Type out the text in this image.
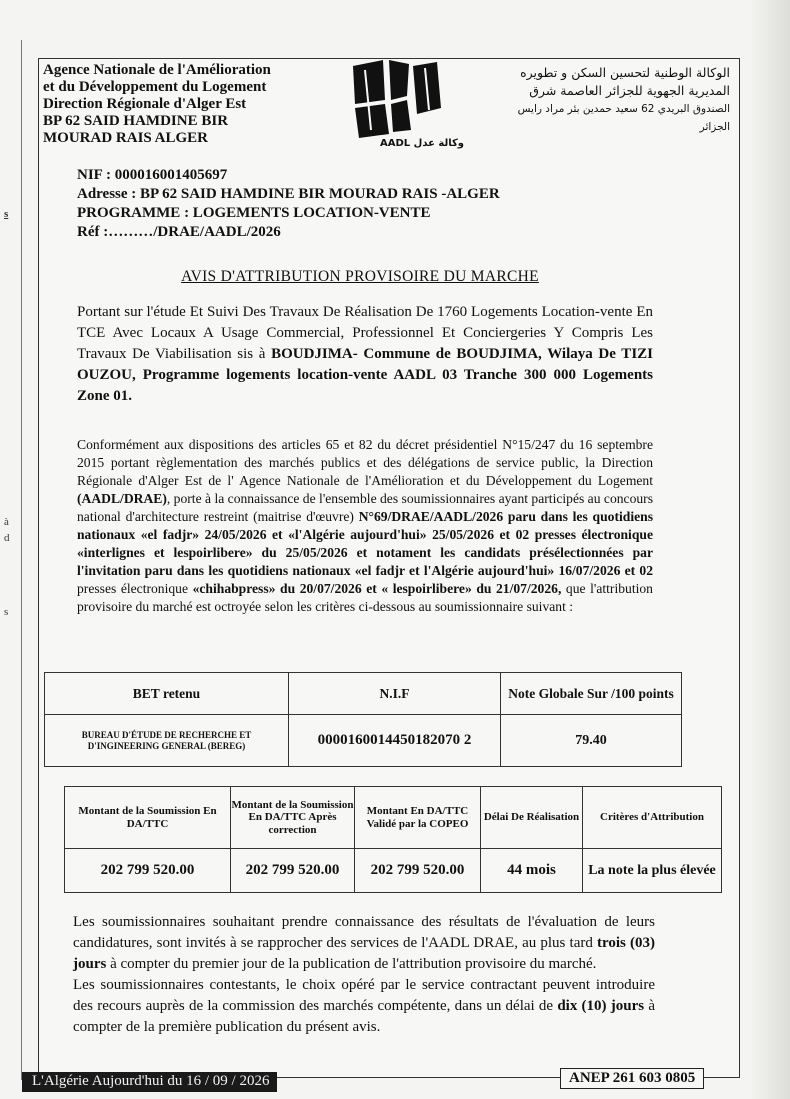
s
à
d
s
Agence Nationale de l'Amélioration
et du Développement du Logement
Direction Régionale d'Alger Est
BP 62 SAID HAMDINE BIR
MOURAD RAIS ALGER	AADL وكالة عدل
الوكالة الوطنية لتحسين السكن و تطويره
المديرية الجهوية للجزائر العاصمة شرق
الصندوق البريدي 62 سعيد حمدين بئر مراد رايس
الجزائر
NIF : 000016001405697
Adresse : BP 62 SAID HAMDINE BIR MOURAD RAIS -ALGER
PROGRAMME : LOGEMENTS LOCATION-VENTE
Réf :………/DRAE/AADL/2026
AVIS D'ATTRIBUTION PROVISOIRE DU MARCHE
Portant sur l'étude Et Suivi Des Travaux De Réalisation De 1760 Logements Location-vente En TCE Avec Locaux A Usage Commercial, Professionnel Et Conciergeries Y Compris Les Travaux De Viabilisation sis à BOUDJIMA- Commune de BOUDJIMA, Wilaya De TIZI OUZOU, Programme logements location-vente AADL 03 Tranche 300 000 Logements Zone 01.
Conformément aux dispositions des articles 65 et 82 du décret présidentiel N°15/247 du 16 septembre 2015 portant règlementation des marchés publics et des délégations de service public, la Direction Régionale d'Alger Est de l' Agence Nationale de l'Amélioration et du Développement du Logement (AADL/DRAE), porte à la connaissance de l'ensemble des soumissionnaires ayant participés au concours national d'architecture restreint (maitrise d'œuvre) N°69/DRAE/AADL/2026 paru dans les quotidiens nationaux «el fadjr» 24/05/2026 et «l'Algérie aujourd'hui» 25/05/2026 et 02 presses électronique «interlignes et lespoirlibere» du 25/05/2026 et notament les candidats présélectionnées par l'invitation paru dans les quotidiens nationaux «el fadjr et l'Algérie aujourd'hui» 16/07/2026 et 02 presses électronique «chihabpress» du 20/07/2026 et « lespoirlibere» du 21/07/2026, que l'attribution provisoire du marché est octroyée selon les critères ci-dessous au soumissionnaire suivant :
BET retenu	N.I.F	Note Globale Sur /100 points
BUREAU D'ÉTUDE DE RECHERCHE ET D'INGINEERING GENERAL (BEREG)	0000160014450182070 2	79.40
Montant de la Soumission En DA/TTC	Montant de la Soumission En DA/TTC Après correction	Montant En DA/TTC Validé par la COPEO	Délai De Réalisation	Critères d'Attribution
202 799 520.00	202 799 520.00	202 799 520.00	44 mois	La note la plus élevée

Les soumissionnaires souhaitant prendre connaissance des résultats de l'évaluation de leurs candidatures, sont invités à se rapprocher des services de l'AADL DRAE, au plus tard trois (03) jours à compter du premier jour de la publication de l'attribution provisoire du marché.

Les soumissionnaires contestants, le choix opéré par le service contractant peuvent introduire des recours auprès de la commission des marchés compétente, dans un délai de dix (10) jours à compter de la première publication du présent avis.

L'Algérie Aujourd'hui du 16 / 09 / 2026	ANEP 261 603 0805
